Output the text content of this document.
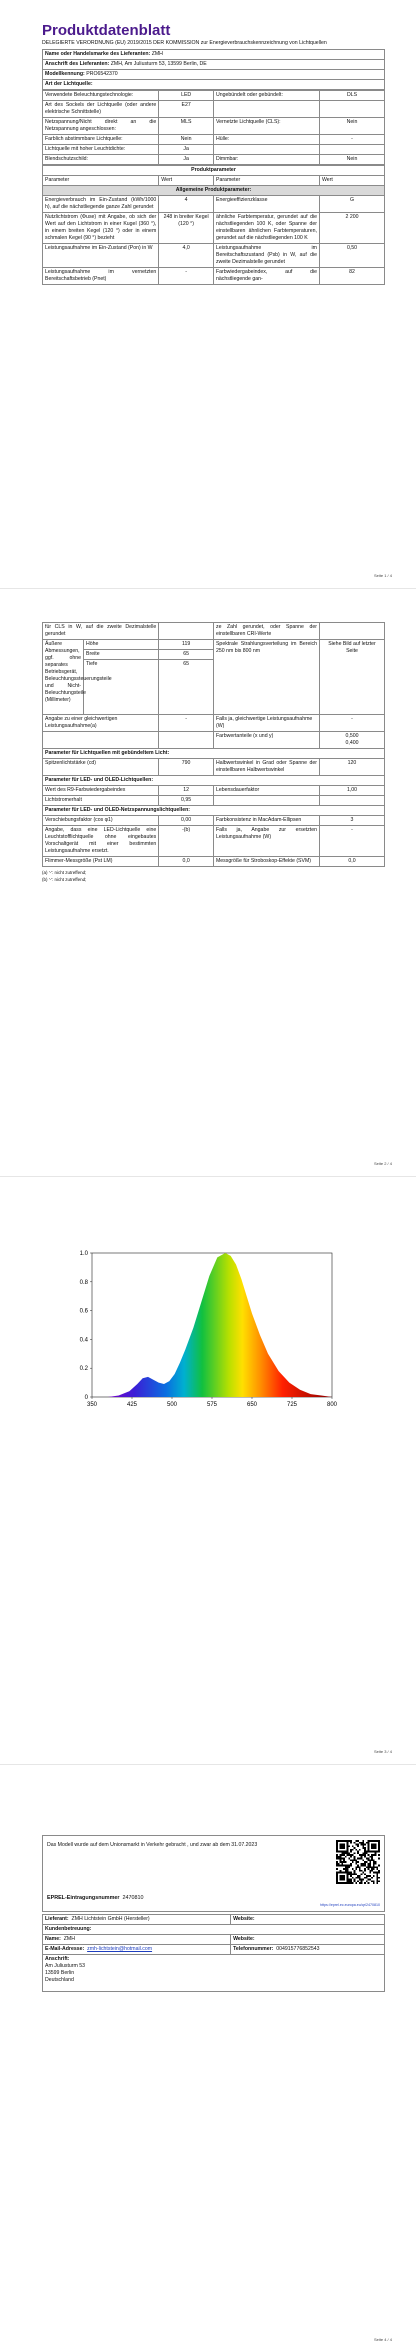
Produktdatenblatt
DELEGIERTE VERORDNUNG (EU) 2019/2015 DER KOMMISSION zur Energieverbrauchskennzeichnung von Lichtquellen
Name oder Handelsmarke des Lieferanten: ZMH
Anschrift des Lieferanten: ZMH, Am Juliusturm 53, 13599 Berlin, DE
Modellkennung: PRO6542370
Art der Lichtquelle:
Verwendete Beleuchtungstechnologie:	LED	Ungebündelt oder gebündelt:	DLS
Art des Sockels der Lichtquelle (oder andere elektrische Schnittstelle)	E27		
Netzspannung/Nicht direkt an die Netzspannung angeschlossen:	MLS	Vernetzte Lichtquelle (CLS):	Nein
Farblich abstimmbare Lichtquelle:	Nein	Hülle:	-
Lichtquelle mit hoher Leuchtdichte:	Ja		
Blendschutzschild:	Ja	Dimmbar:	Nein
Produktparameter			
Parameter	Wert	Parameter	Wert
Allgemeine Produktparameter:			
Energieverbrauch im Ein-Zustand (kWh/1000 h), auf die nächstliegende ganze Zahl gerundet	4	Energieeffizienzklasse	G
Nutzlichtstrom (Φuse) mit Angabe, ob sich der Wert auf den Lichtstrom in einer Kugel (360 °), in einem breiten Kegel (120 °) oder in einem schmalen Kegel (90 °) bezieht	248 in breiter Kegel (120 °)	ähnliche Farbtemperatur, gerundet auf die nächstliegenden 100 K, oder Spanne der einstellbaren ähnlichen Farbtemperaturen, gerundet auf die nächstliegenden 100 K	2 200
Leistungsaufnahme im Ein-Zustand (Pon) in W	4,0	Leistungsaufnahme im Bereitschaftszustand (Psb) in W, auf die zweite Dezimalstelle gerundet	0,50
Leistungsaufnahme im vernetzten Bereitschaftsbetrieb (Pnet)	-	Farbwiedergabeindex, auf die nächstliegende gan-	82
Seite 1 / 4
für CLS in W, auf die zweite Dezimalstelle gerundet			ze Zahl gerundet, oder Spanne der einstellbaren CRI-Werte	
Äußere Abmessungen, ggf. ohne separates Betriebsgerät, Beleuchtungssteuerungsteile und Nicht-Beleuchtungsteile (Millimeter)	Höhe	119	Spektrale Strahlungsverteilung im Bereich 250 nm bis 800 nm	Siehe Bild auf letzter Seite
	Breite	65		
	Tiefe	65		
Angabe zu einer gleichwertigen Leistungsaufnahme(a)		-	Falls ja, gleichwertige Leistungsaufnahme (W)	-
			Farbwertanteile (x und y)	0,500
0,400

Parameter für Lichtquellen mit gebündeltem Licht:				
Spitzenlichtstärke (cd)		790	Halbwertswinkel in Grad oder Spanne der einstellbaren Halbwertswinkel	120
Parameter für LED- und OLED-Lichtquellen:				
Wert des R9-Farbwiedergabeindex		12	Lebensdauerfaktor	1,00
Lichtstromerhalt		0,95		
Parameter für LED- und OLED-Netzspannungslichtquellen:				
Verschiebungsfaktor (cos φ1)		0,00	Farbkonsistenz in MacAdam-Ellipsen	3
Angabe, dass eine LED-Lichtquelle eine Leuchtstofflichtquelle ohne eingebautes Vorschaltgerät mit einer bestimmten Leistungsaufnahme ersetzt.		-(b)	Falls ja, Angabe zur ersetzten Leistungsaufnahme (W)	-
Flimmer-Messgröße (Pst LM)		0,0	Messgröße für Stroboskop-Effekte (SVM)	0,0
(a) '-': nicht zutreffend;
(b) '-': nicht zutreffend;
Seite 2 / 4
350	425	500	575	650	725	800
0
0.2
0.4
0.6
0.8
1.0
Seite 3 / 4
Das Modell wurde auf dem Unionsmarkt in Verkehr gebracht , und zwar ab dem 31.07.2023
EPREL-Eintragungsnummer 2470810
https://eprel.ec.europa.eu/qr/2470810
Lieferant: ZMH Lichtstein GmbH (Hersteller)	Website:
Kundenbetreuung:	
Name: ZMH	Website:
E-Mail-Adresse: zmh-lichtstein@hotmail.com	Telefonnummer: 004915776852543

Anschrift:
Am Juliusturm 53
13599 Berlin
Deutschland	
Seite 4 / 4
